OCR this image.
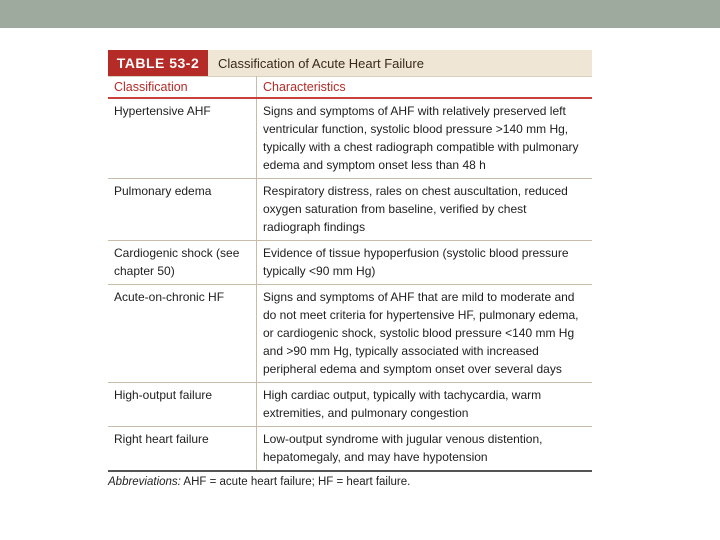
TABLE 53-2	Classification of Acute Heart Failure
Classification	Characteristics
Hypertensive AHF	Signs and symptoms of AHF with relatively preserved left ventricular function, systolic blood pressure >140 mm Hg, typically with a chest radiograph compatible with pulmonary edema and symptom onset less than 48 h
Pulmonary edema	Respiratory distress, rales on chest auscultation, reduced oxygen saturation from baseline, verified by chest radiograph findings
Cardiogenic shock (see chapter 50)	Evidence of tissue hypoperfusion (systolic blood pressure typically <90 mm Hg)
Acute-on-chronic HF	Signs and symptoms of AHF that are mild to moderate and do not meet criteria for hypertensive HF, pulmonary edema, or cardiogenic shock, systolic blood pressure <140 mm Hg and >90 mm Hg, typically associated with increased peripheral edema and symptom onset over several days
High-output failure	High cardiac output, typically with tachycardia, warm extremities, and pulmonary congestion
Right heart failure	Low-output syndrome with jugular venous distention, hepatomegaly, and may have hypotension
Abbreviations: AHF = acute heart failure; HF = heart failure.
